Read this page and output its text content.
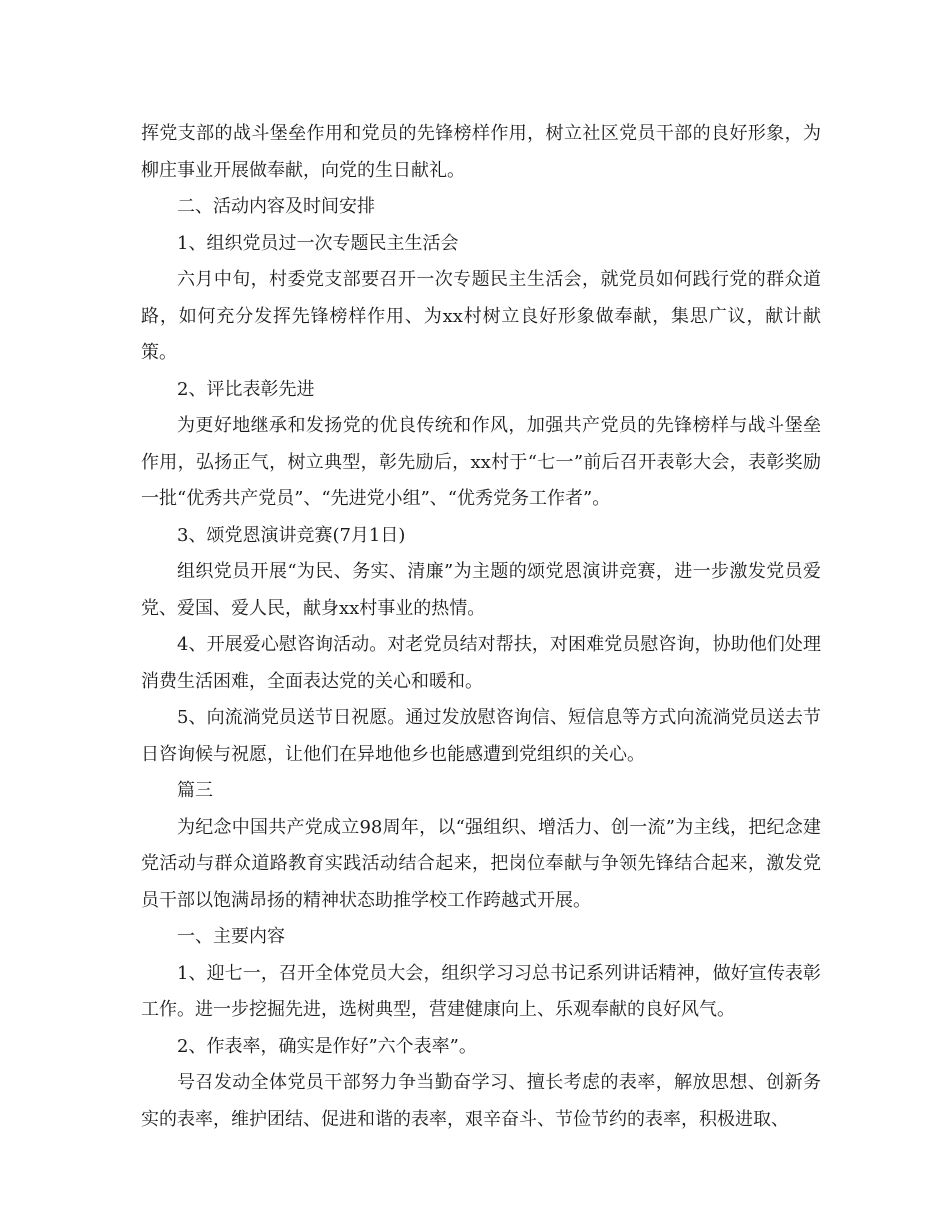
挥党支部的战斗堡垒作用和党员的先锋榜样作用，树立社区党员干部的良好形象，为柳庄事业开展做奉献，向党的生日献礼。

二、活动内容及时间安排

1、组织党员过一次专题民主生活会

六月中旬，村委党支部要召开一次专题民主生活会，就党员如何践行党的群众道路，如何充分发挥先锋榜样作用、为xx村树立良好形象做奉献，集思广议，献计献策。

2、评比表彰先进

为更好地继承和发扬党的优良传统和作风，加强共产党员的先锋榜样与战斗堡垒作用，弘扬正气，树立典型，彰先励后，xx村于“七一”前后召开表彰大会，表彰奖励一批“优秀共产党员”、“先进党小组”、“优秀党务工作者”。

3、颂党恩演讲竞赛(7月1日)

组织党员开展“为民、务实、清廉”为主题的颂党恩演讲竞赛，进一步激发党员爱党、爱国、爱人民，献身xx村事业的热情。

4、开展爱心慰咨询活动。对老党员结对帮扶，对困难党员慰咨询，协助他们处理消费生活困难，全面表达党的关心和暖和。

5、向流淌党员送节日祝愿。通过发放慰咨询信、短信息等方式向流淌党员送去节日咨询候与祝愿，让他们在异地他乡也能感遭到党组织的关心。

篇三

为纪念中国共产党成立98周年，以“强组织、增活力、创一流”为主线，把纪念建党活动与群众道路教育实践活动结合起来，把岗位奉献与争领先锋结合起来，激发党员干部以饱满昂扬的精神状态助推学校工作跨越式开展。

一、主要内容

1、迎七一，召开全体党员大会，组织学习习总书记系列讲话精神，做好宣传表彰工作。进一步挖掘先进，选树典型，营建健康向上、乐观奉献的良好风气。

2、作表率，确实是作好”六个表率”。

号召发动全体党员干部努力争当勤奋学习、擅长考虑的表率，解放思想、创新务实的表率，维护团结、促进和谐的表率，艰辛奋斗、节俭节约的表率，积极进取、
